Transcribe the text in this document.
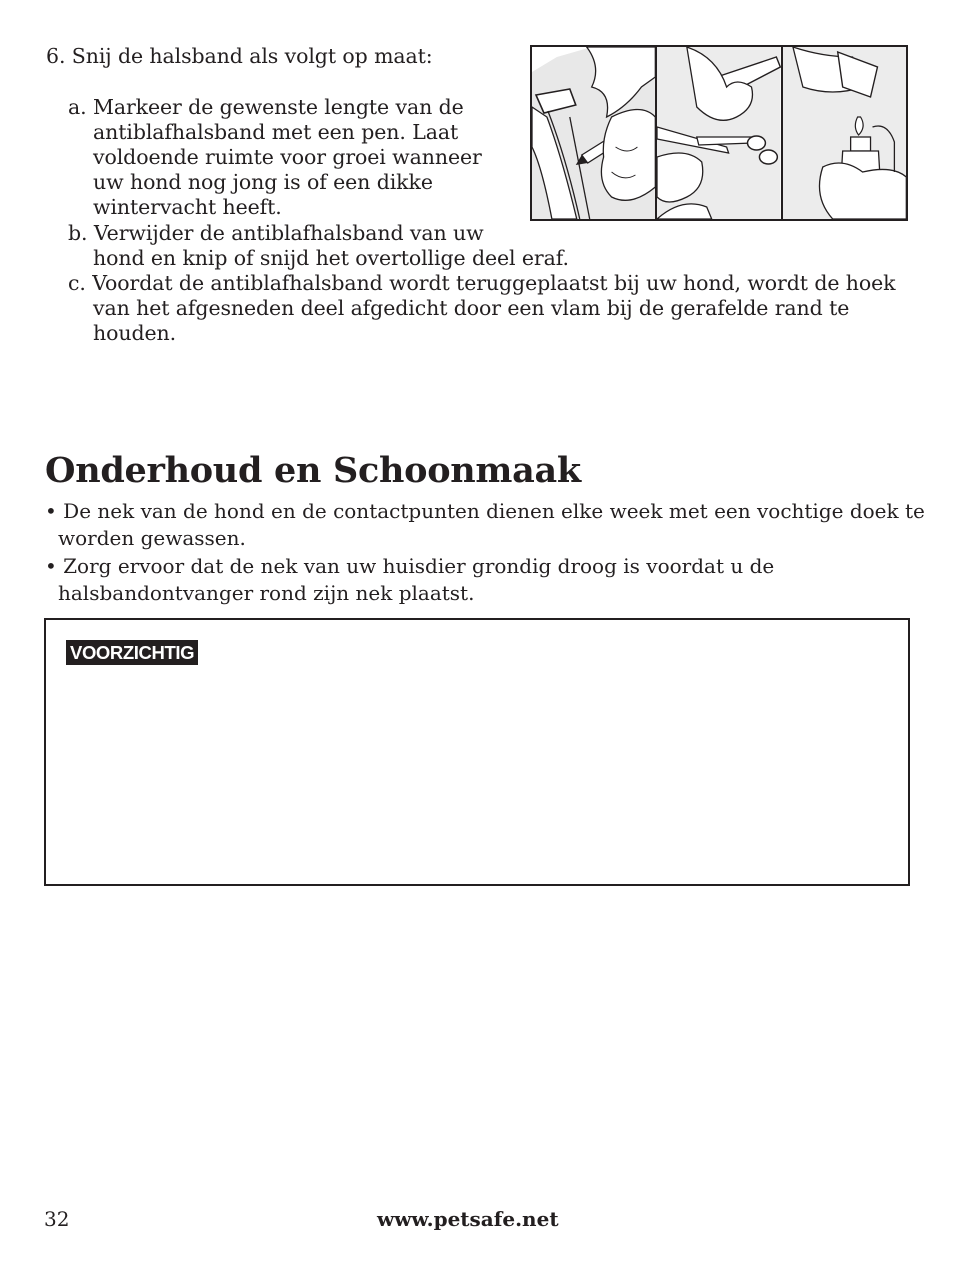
6. Snij de halsband als volgt op maat:
a. Markeer de gewenste lengte van de
antiblafhalsband met een pen. Laat
voldoende ruimte voor groei wanneer
uw hond nog jong is of een dikke
wintervacht heeft.
b. Verwijder de antiblafhalsband van uw
hond en knip of snijd het overtollige deel eraf.
c. Voordat de antiblafhalsband wordt teruggeplaatst bij uw hond, wordt de hoek
van het afgesneden deel afgedicht door een vlam bij de gerafelde rand te
houden.
Onderhoud en Schoonmaak
• De nek van de hond en de contactpunten dienen elke week met een vochtige doek te
worden gewassen.
• Zorg ervoor dat de nek van uw huisdier grondig droog is voordat u de
halsbandontvanger rond zijn nek plaatst.
VOORZICHTIG
32	www.petsafe.net
